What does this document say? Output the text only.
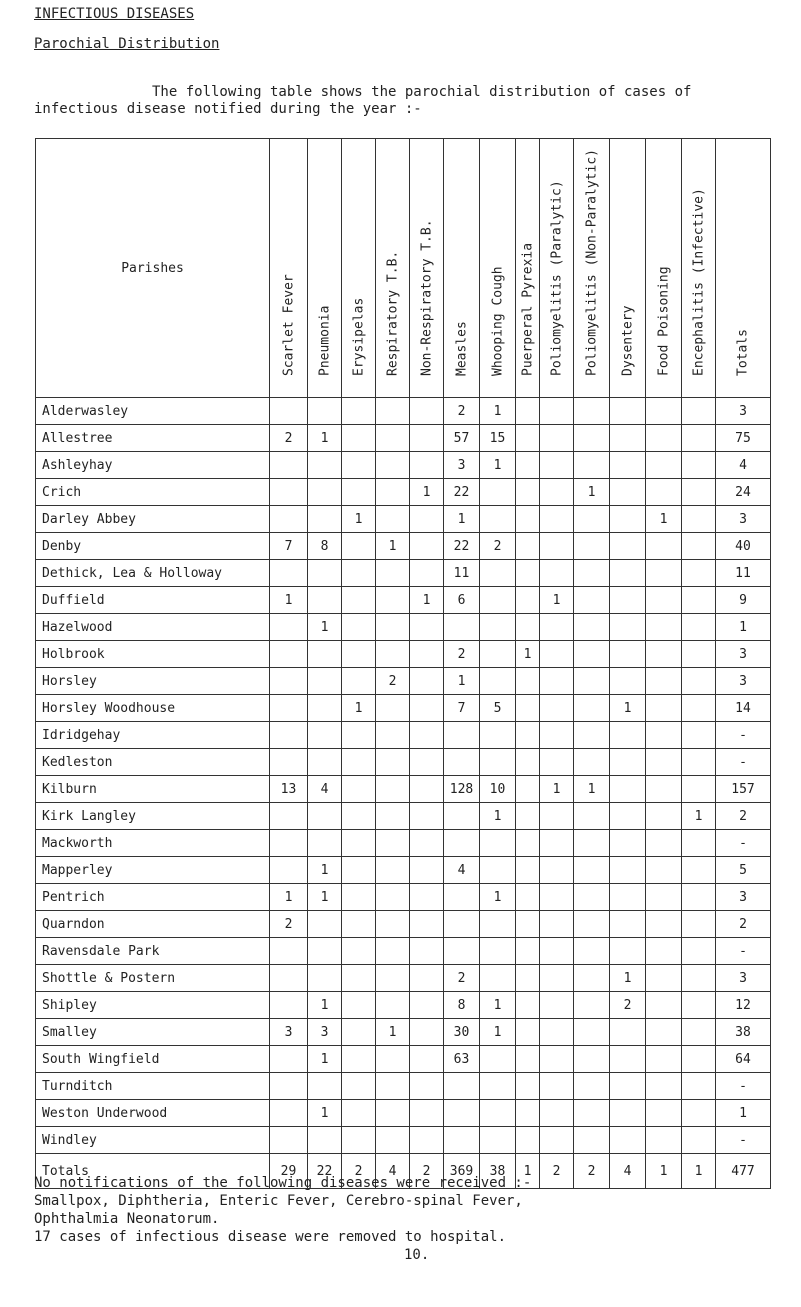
INFECTIOUS DISEASES
Parochial Distribution
The following table shows the parochial distribution of cases of
infectious disease notified during the year :-
Parishes	Scarlet Fever	Pneumonia	Erysipelas	Respiratory T.B.	Non-Respiratory T.B.	Measles	Whooping Cough	Puerperal Pyrexia	Poliomyelitis (Paralytic)	Poliomyelitis (Non-Paralytic)	Dysentery	Food Poisoning	Encephalitis (Infective)	Totals

Alderwasley						2	1							3
Allestree	2	1				57	15							75
Ashleyhay						3	1							4
Crich					1	22				1				24
Darley Abbey			1			1						1		3
Denby	7	8		1		22	2							40
Dethick, Lea & Holloway						11								11
Duffield	1				1	6			1					9
Hazelwood		1												1
Holbrook						2		1						3
Horsley				2		1								3
Horsley Woodhouse			1			7	5				1			14
Idridgehay														-
Kedleston														-
Kilburn	13	4				128	10		1	1				157
Kirk Langley							1						1	2
Mackworth														-
Mapperley		1				4								5
Pentrich	1	1					1							3
Quarndon	2													2
Ravensdale Park														-
Shottle & Postern						2					1			3
Shipley		1				8	1				2			12
Smalley	3	3		1		30	1							38
South Wingfield		1				63								64
Turnditch														-
Weston Underwood		1												1
Windley														-
Totals	29	22	2	4	2	369	38	1	2	2	4	1	1	477
No notifications of the following diseases were received :-
Smallpox, Diphtheria, Enteric Fever, Cerebro-spinal Fever,
Ophthalmia Neonatorum.
17 cases of infectious disease were removed to hospital.
10.
